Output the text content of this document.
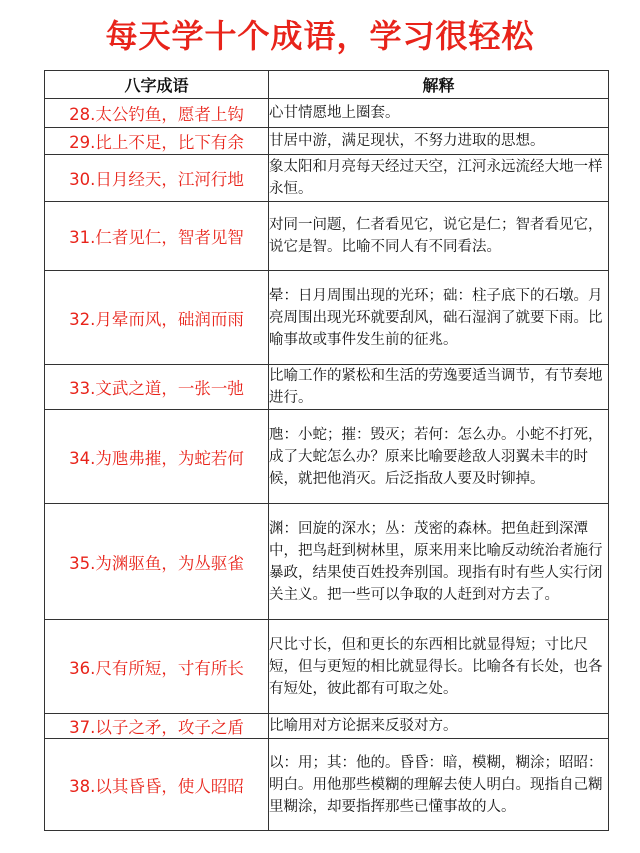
每天学十个成语，学习很轻松
八字成语	解释
28.太公钓鱼，愿者上钩	心甘情愿地上圈套。
29.比上不足，比下有余	甘居中游，满足现状，不努力进取的思想。
30.日月经天，江河行地	象太阳和月亮每天经过天空，江河永远流经大地一样永恒。
31.仁者见仁，智者见智	对同一问题，仁者看见它，说它是仁；智者看见它，说它是智。比喻不同人有不同看法。
32.月晕而风，础润而雨	晕：日月周围出现的光环；础：柱子底下的石墩。月亮周围出现光环就要刮风，础石湿润了就要下雨。比喻事故或事件发生前的征兆。
33.文武之道，一张一弛	比喻工作的紧松和生活的劳逸要适当调节，有节奏地进行。
34.为虺弗摧，为蛇若何	虺：小蛇；摧：毁灭；若何：怎么办。小蛇不打死，成了大蛇怎么办？原来比喻要趁敌人羽翼未丰的时候，就把他消灭。后泛指敌人要及时铆掉。
35.为渊驱鱼，为丛驱雀	渊：回旋的深水；丛：茂密的森林。把鱼赶到深潭中，把鸟赶到树林里，原来用来比喻反动统治者施行暴政，结果使百姓投奔别国。现指有时有些人实行闭关主义。把一些可以争取的人赶到对方去了。
36.尺有所短，寸有所长	尺比寸长，但和更长的东西相比就显得短；寸比尺短，但与更短的相比就显得长。比喻各有长处，也各有短处，彼此都有可取之处。
37.以子之矛，攻子之盾	比喻用对方论据来反驳对方。
38.以其昏昏，使人昭昭	以：用；其：他的。昏昏：暗，模糊，糊涂；昭昭：明白。用他那些模糊的理解去使人明白。现指自己糊里糊涂，却要指挥那些已懂事故的人。
